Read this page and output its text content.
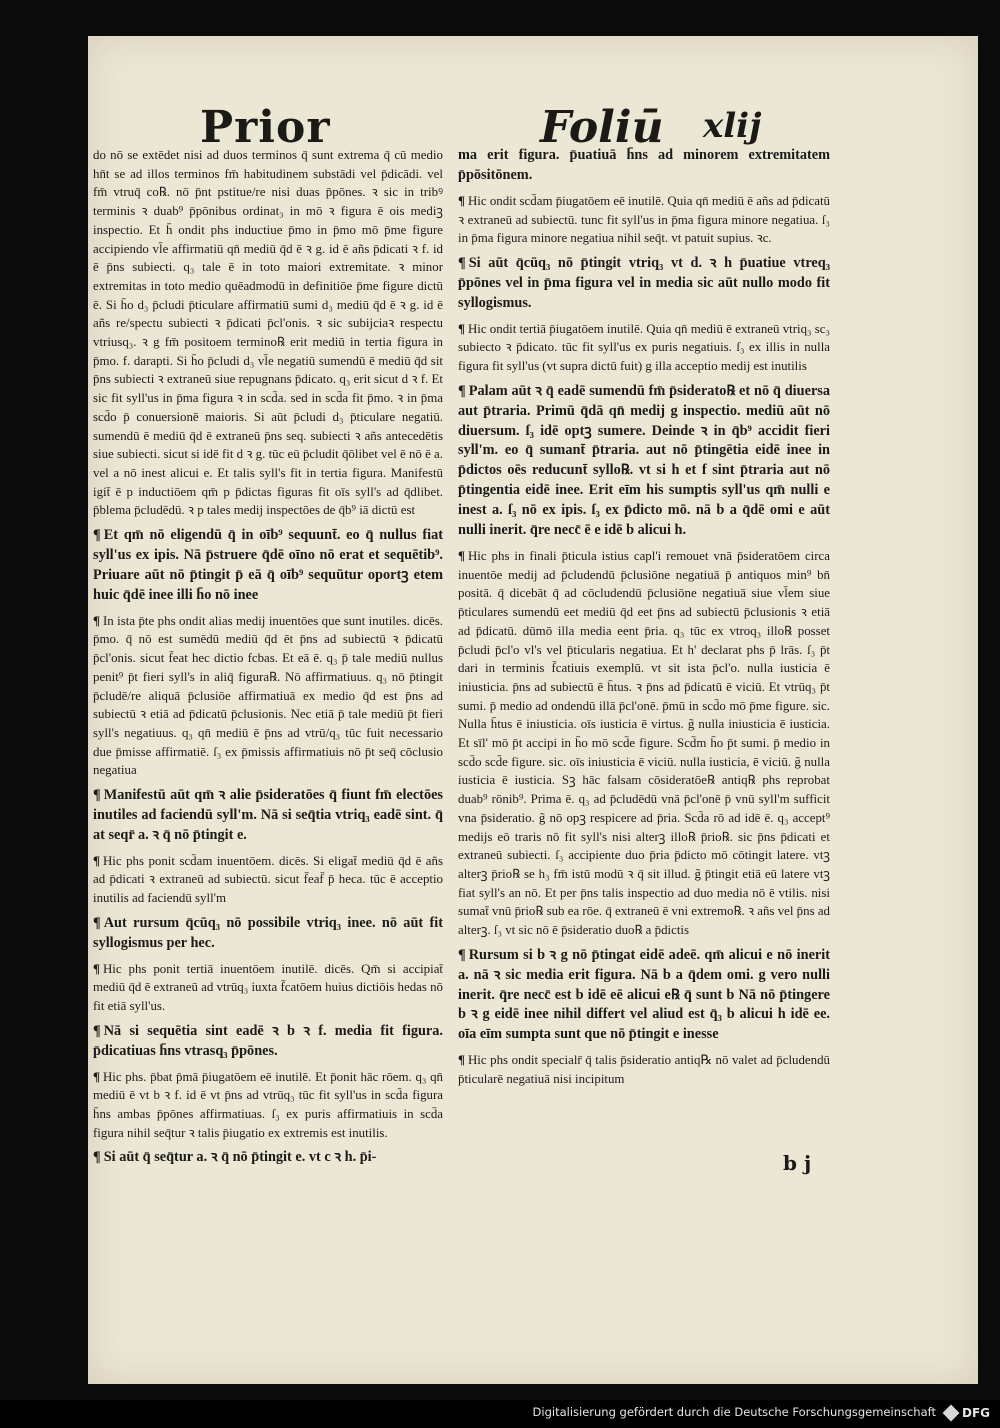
Prior	Foliū xlij

do nō se extēdet nisi ad duos terminos q̄ sunt extrema q̄ cū medio hn̄t se ad illos terminos fm̄ habitudinem substādi vel p̄dicādi. vel fm̄ vtruq̄ co℞. nō p̄nt pstitue/re nisi duas p̄pōnes. ꝛ sic in tribꝰ terminis ꝛ duab⁹ p̄pōnibus ordinat₃ in mō ꝛ figura ē ois mediꝫ inspectio. Et h̄ ondit phs inductiue p̄mo in p̄mo mō p̄me figure accipiendo vl̄e affirmatiū qn̄ mediū q̄d ē ꝛ g. id ē añs p̄dicati ꝛ f. id ē p̄ns subiecti. q₃ tale ē in toto maiori extremitate. ꝛ minor extremitas in toto medio quēadmodū in definitiōe p̄me figure dictū ē. Si h̄o d₃ p̄cludi p̄ticulare affirmatiū sumi d₃ mediū q̄d ē ꝛ g. id ē añs re/spectu subiecti ꝛ p̄dicati p̄cl'onis. ꝛ sic subijciaꝛ respectu vtriusq₃. ꝛ g fm̄ positoem termino℞ erit mediū in tertia figura in p̄mo. f. darapti. Si h̄o p̄cludi d₃ vl̄e negatiū sumendū ē mediū q̄d sit p̄ns subiecti ꝛ extraneū siue repugnans p̄dicato. q₃ erit sicut d ꝛ f. Et sic fit syll'us in p̄ma figura ꝛ in scd̄a. sed in scd̄a fit p̄mo. ꝛ in p̄ma scd̄o p̄ conuersionē maioris. Si aūt p̄cludi d₃ p̄ticulare negatiū. sumendū ē mediū q̄d ē extraneū p̄ns seq. subiecti ꝛ añs antecedētis siue subiecti. sicut si idē fit d ꝛ g. tūc eū p̄cludit q̄ōlibet vel ē nō ē a. vel a nō inest alicui e. Et talis syll's fit in tertia figura. Manifestū igit̄ ē p inductiōem qm̄ p p̄dictas figuras fit oīs syll's ad q̄dlibet. p̄blema p̄cludēdū. ꝛ p tales medij inspectōes de q̄b⁹ iā dictū est

¶ Et qm̄ nō eligendū q̄ in oīb⁹ sequunt̄. eo q̄ nullus fiat syll'us ex ipis. Nā p̄struere q̄dē oīno nō erat et sequētib⁹. Priuare aūt nō p̄tingit p̄ eā q̄ oīb⁹ sequūtur oportꝫ etem huic q̄dē inee illi h̄o nō inee

¶ In ista p̄te phs ondit alias medij inuentōes que sunt inutiles. dicēs. p̄mo. q̄ nō est sumēdū mediū q̄d ēt p̄ns ad subiectū ꝛ p̄dicatū p̄cl'onis. sicut f̄eat hec dictio fcbas. Et eā ē. q₃ p̄ tale mediū nullus penit⁹ p̄t fieri syll's in aliq̄ figura℞. Nō affirmatiuus. q₃ nō p̄tingit p̄cludē/re aliquā p̄clusiōe affirmatiuā ex medio q̄d est p̄ns ad subiectū ꝛ etiā ad p̄dicatū p̄clusionis. Nec etiā p̄ tale mediū p̄t fieri syll's negatiuus. q₃ qn̄ mediū ē p̄ns ad vtrū/q₃ tūc fuit necessario due p̄misse affirmatiē. ſ₃ ex p̄missis affirmatiuis nō p̄t seq̄ cōclusio negatiua

¶ Manifestū aūt qm̄ ꝛ alie p̄sideratōes q̄ fiunt fm̄ electōes inutiles ad faciendū syll'm. Nā si seq̄tia vtriq₃ eadē sint. q̄ at seqr̄ a. ꝛ q̄ nō p̄tingit e.

¶ Hic phs ponit scd̄am inuentōem. dicēs. Si eligat̄ mediū q̄d ē añs ad p̄dicati ꝛ extraneū ad subiectū. sicut f̄eaf̄ p̄ heca. tūc ē acceptio inutilis ad faciendū syll'm

¶ Aut rursum q̄cūq₃ nō possibile vtriq₃ inee. nō aūt fit syllogismus per hec.

¶ Hic phs ponit tertiā inuentōem inutilē. dicēs. Qm̄ si accipiat̄ mediū q̄d ē extraneū ad vtrūq₃ iuxta f̄catōem huius dictiōis hedas nō fit etiā syll'us.

¶ Nā si sequētia sint eadē ꝛ b ꝛ f. media fit figura. p̄dicatiuas h̄ns vtrasq₃ p̄pōnes.

¶ Hic phs. p̄bat p̄mā p̄iugatōem eē inutilē. Et p̄onit hāc rōem. q₃ qn̄ mediū ē vt b ꝛ f. id ē vt p̄ns ad vtrūq₃ tūc fit syll'us in scd̄a figura h̄ns ambas p̄pōnes affirmatiuas. ſ₃ ex puris affirmatiuis in scd̄a figura nihil seq̄tur ꝛ talis p̄iugatio ex extremis est inutilis.

¶ Si aūt q̄ seq̄tur a. ꝛ q̄ nō p̄tingit e. vt c ꝛ h. p̄i-

ma erit figura. p̄uatiuā h̄ns ad minorem extremitatem p̄pōsitōnem.

¶ Hic ondit scd̄am p̄iugatōem eē inutilē. Quia qn̄ mediū ē añs ad p̄dicatū ꝛ extraneū ad subiectū. tunc fit syll'us in p̄ma figura minore negatiua. ſ₃ in p̄ma figura minore negatiua nihil seq̄t. vt patuit supius. ꝛc.

¶ Si aūt q̄cūq₃ nō p̄tingit vtriq₃ vt d. ꝛ h p̄uatiue vtreq₃ p̄pōnes vel in p̄ma figura vel in media sic aūt nullo modo fit syllogismus.

¶ Hic ondit tertiā p̄iugatōem inutilē. Quia qn̄ mediū ē extraneū vtriq₃ sc₃ subiecto ꝛ p̄dicato. tūc fit syll'us ex puris negatiuis. ſ₃ ex illis in nulla figura fit syll'us (vt supra dictū fuit) g illa acceptio medij est inutilis

¶ Palam aūt ꝛ q̄ eadē sumendū fm̄ p̄siderato℞ et nō q̄ diuersa aut p̄traria. Primū q̄dā qn̄ medij g inspectio. mediū aūt nō diuersum. ſ₃ idē optꝫ sumere. Deinde ꝛ in q̄b⁹ accidit fieri syll'm. eo q̄ sumant̄ p̄traria. aut nō p̄tingētia eidē inee in p̄dictos oēs reducunt̄ syllo℞. vt si h et f sint p̄traria aut nō p̄tingentia eidē inee. Erit eīm his sumptis syll'us qm̄ nulli e inest a. ſ₃ nō ex ipis. ſ₃ ex p̄dicto mō. nā b a q̄dē omi e aūt nulli inerit. q̄re necc̄ ē e idē b alicui h.

¶ Hic phs in finali p̄ticula istius capl'i remouet vnā p̄sideratōem circa inuentōe medij ad p̄cludendū p̄clusiōne negatiuā p̄ antiquos min⁹ bn̄ positā. q̄ dicebāt q̄ ad cōcludendū p̄clusiōne negatiuā siue vl̄em siue p̄ticulares sumendū eet mediū q̄d eet p̄ns ad subiectū p̄clusionis ꝛ etiā ad p̄dicatū. dūmō illa media eent p̄ria. q₃ tūc ex vtroq₃ illo℞ posset p̄cludi p̄cl'o vl's vel p̄ticularis negatiua. Et h' declarat phs p̄ lrās. ſ₃ p̄t dari in terminis f̄catiuis exemplū. vt sit ista p̄cl'o. nulla iusticia ē iniusticia. p̄ns ad subiectū ē h̄tus. ꝛ p̄ns ad p̄dicatū ē viciū. Et vtrūq₃ p̄t sumi. p̄ medio ad ondendū illā p̄cl'onē. p̄mū in scd̄o mō p̄me figure. sic. Nulla h̄tus ē iniusticia. oīs iusticia ē virtus. g̃ nulla iniusticia ē iusticia. Et sīl' mō p̄t accipi in h̄o mō scd̄e figure. Scd̄m h̄o p̄t sumi. p̄ medio in scd̄o scd̄e figure. sic. oīs iniusticia ē viciū. nulla iusticia, ē viciū. g̃ nulla iusticia ē iusticia. Sꝫ hāc falsam cōsideratōe℞ antiq℞ phs reprobat duab⁹ rōnib⁹. Prima ē. q₃ ad p̄cludēdū vnā p̄cl'onē p̄ vnū syll'm sufficit vna p̄sideratio. g̃ nō opꝫ respicere ad p̄ria. Scd̄a rō ad idē ē. q₃ accept⁹ medijs eō traris nō fit syll's nisi alterꝫ illo℞ p̄rio℞. sic p̄ns p̄dicati et extraneū subiecti. ſ₃ accipiente duo p̄ria p̄dicto mō cōtingit latere. vtꝫ alterꝫ p̄rio℞ se h₃ fm̄ istū modū ꝛ q̄ sit illud. g̃ p̄tingit etiā eū latere vtꝫ fiat syll's an nō. Et per p̄ns talis inspectio ad duo media nō ē vtilis. nisi sumat̄ vnū p̄rio℞ sub ea rōe. q̄ extraneū ē vni extremo℞. ꝛ añs vel p̄ns ad alterꝫ. ſ₃ vt sic nō ē p̄sideratio duo℞ a p̄dictis

¶ Rursum si b ꝛ g nō p̄tingat eidē adeē. qm̄ alicui e nō inerit a. nā ꝛ sic media erit figura. Nā b a q̄dem omi. g vero nulli inerit. q̄re necc̄ est b idē eē alicui e℞ q̄ sunt b Nā nō p̄tingere b ꝛ g eidē inee nihil differt vel aliud est q̄₃ b alicui h idē ee. oīa eīm sumpta sunt que nō p̄tingit e inesse

¶ Hic phs ondit specialr̄ q̄ talis p̄sideratio antiq℞ nō valet ad p̄cludendū p̄ticularē negatiuā nisi incipitum

b j
Digitalisierung gefördert durch die Deutsche Forschungsgemeinschaft DFG
